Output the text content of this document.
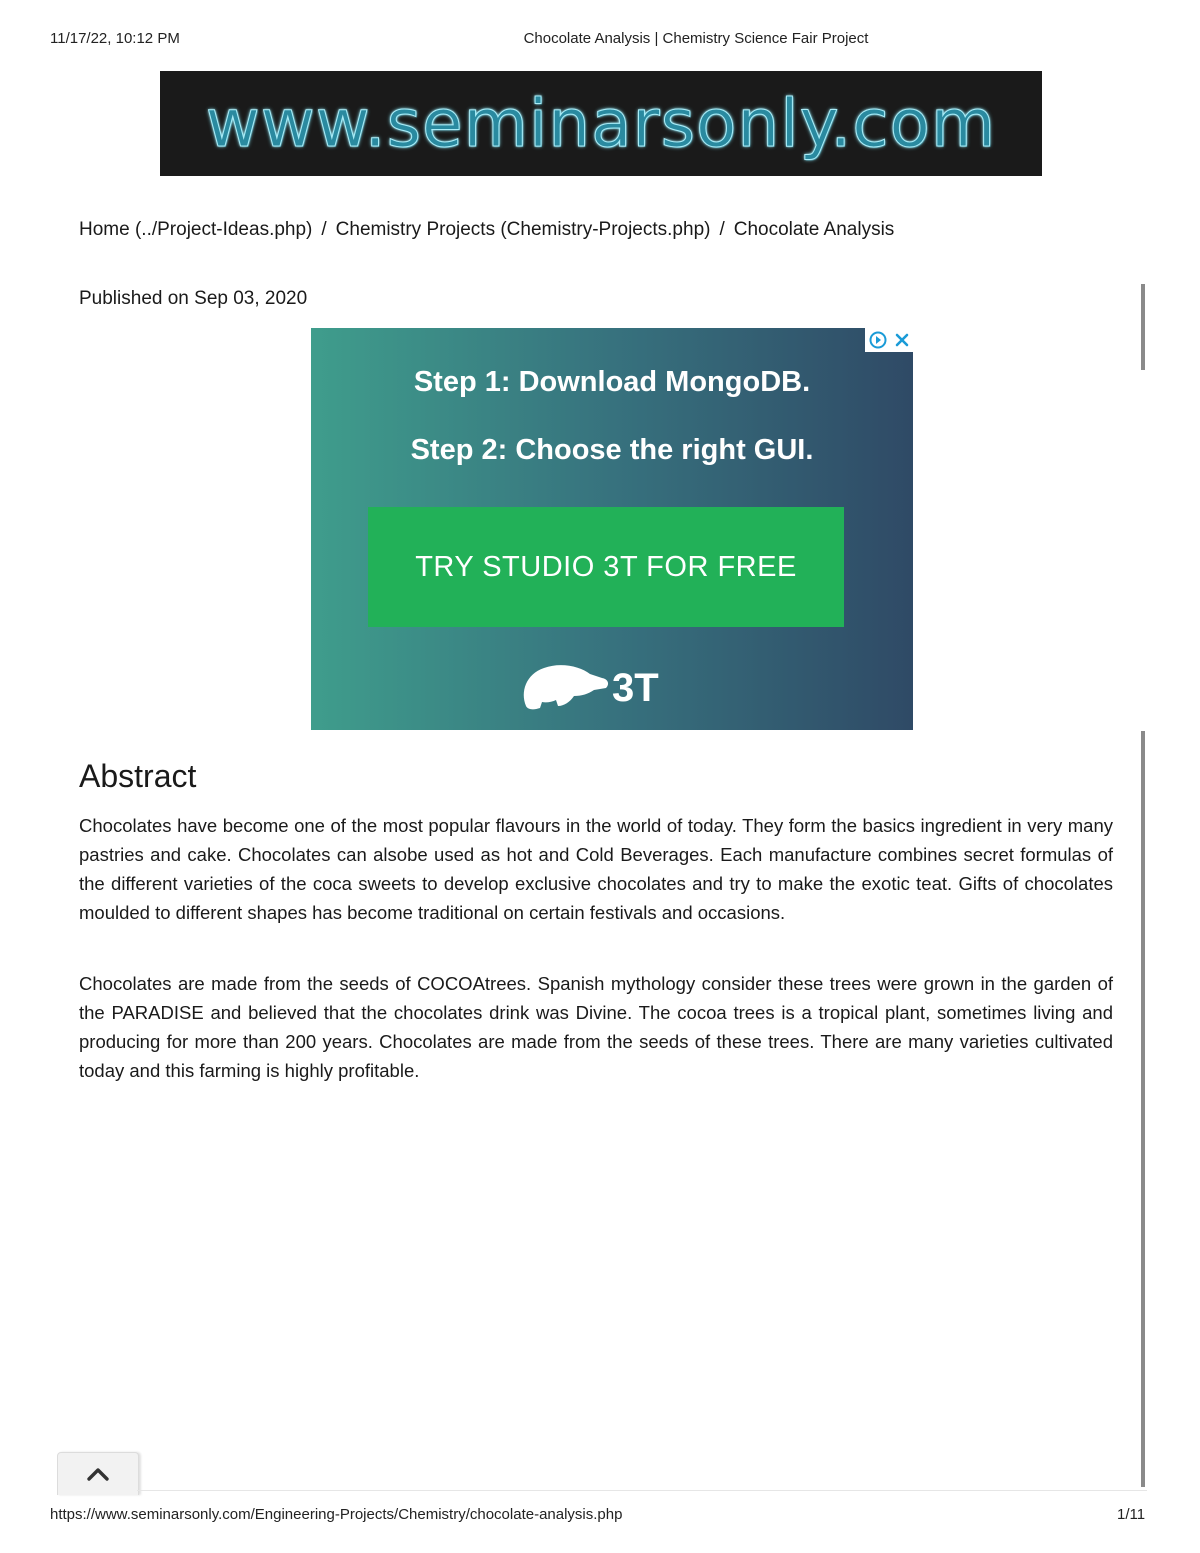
11/17/22, 10:12 PM	Chocolate Analysis | Chemistry Science Fair Project
www.seminarsonly.com
Home (../Project-Ideas.php) / Chemistry Projects (Chemistry-Projects.php) / Chocolate Analysis
Published on Sep 03, 2020
Step 1: Download MongoDB.
Step 2: Choose the right GUI.
TRY STUDIO 3T FOR FREE
3T
Abstract

Chocolates have become one of the most popular flavours in the world of today. They form the basics ingredient in very many pastries and cake. Chocolates can alsobe used as hot and Cold Beverages. Each manufacture combines secret formulas of the different varieties of the coca sweets to develop exclusive chocolates and try to make the exotic teat. Gifts of chocolates moulded to different shapes has become traditional on certain festivals and occasions.

Chocolates are made from the seeds of COCOAtrees. Spanish mythology consider these trees were grown in the garden of the PARADISE and believed that the chocolates drink was Divine. The cocoa trees is a tropical plant, sometimes living and producing for more than 200 years. Chocolates are made from the seeds of these trees. There are many varieties cultivated today and this farming is highly profitable.

https://www.seminarsonly.com/Engineering-Projects/Chemistry/chocolate-analysis.php	1/11
